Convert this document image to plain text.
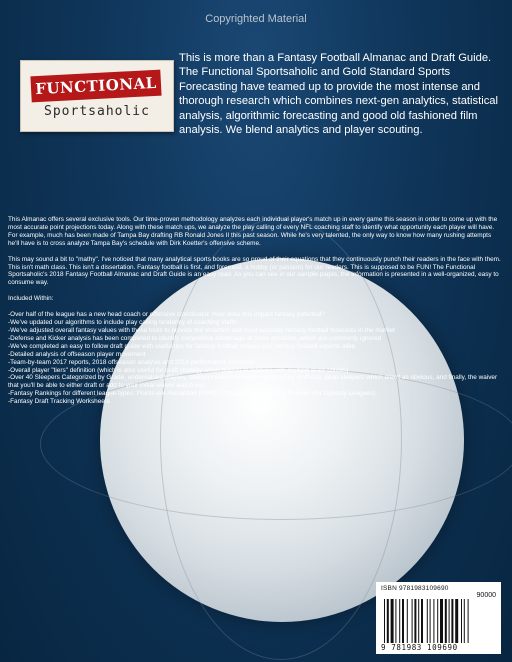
Copyrighted Material
FUNCTIONAL
Sportsaholic

This is more than a Fantasy Football Almanac and Draft Guide. The Functional Sportsaholic and Gold Standard Sports Forecasting have teamed up to provide the most intense and thorough research which combines next-gen analytics, statistical analysis, algorithmic forecasting and good old fashioned film analysis. We blend analytics and player scouting.

This Almanac offers several exclusive tools. Our time-proven methodology analyzes each individual player's match up in every game this season in order to come up with the most accurate point projections today. Along with these match ups, we analyze the play calling of every NFL coaching staff to identify what opportunity each player will have. For example, much has been made of Tampa Bay drafting RB Ronald Jones II this past season. While he's very talented, the only way to know how many rushing attempts he'll have is to cross analyze Tampa Bay's schedule with Dirk Koetter's offensive scheme.

This may sound a bit to "mathy". I've noticed that many analytical sports books are so proud of their equations that they continuously punch their readers in the face with them. This isn't math class. This isn't a dissertation. Fantasy football is first, and foremost, a hobby (or passion) for our readers. This is supposed to be FUN! The Functional Sportsaholic's 2018 Fantasy Football Almanac and Draft Guide is an easy read. As you can see in our sample pages, the information is presented in a well-organized, easy to consume way.

Included Within:

-Over half of the league has a new head coach or offensive coordinator. How does this impact fantasy potential?
-We've updated our algorithms to include play calling tendency of coaching staffs
-We've adjusted overall fantasy values with these tools to provide the smartest and most accurate fantasy football forecasts in the market
-Defense and Kicker analysis has been completed to identify competitive advantage at these positions, which are commonly ignored
-We've completed an easy to follow draft guide with useful tips for fantasy football rookies and fantasy football experts alike
-Detailed analysis of offseason player movement
-Team-by-team 2017 reports, 2018 offseason analysis and 2018 performance forecasts
-Overall player "tiers" definition (which is also useful for draft strategy when playing in leagues with multiple team counts)
-Over 40 Sleepers Categorized by Grade, undervalued players, sleepers everyone will know about by draft day, deep sleepers which aren't as obvious, and finally, the waiver that you'll be able to either draft or add to your initial waiver watch list)
-Fantasy Rankings for different league types: Points-per-Reception (PPR), Standard/non-PPR and Rookies (for Dynasty Leagues)
-Fantasy Draft Tracking Worksheets
ISBN 9781983109690
90000
9 781983 109690
